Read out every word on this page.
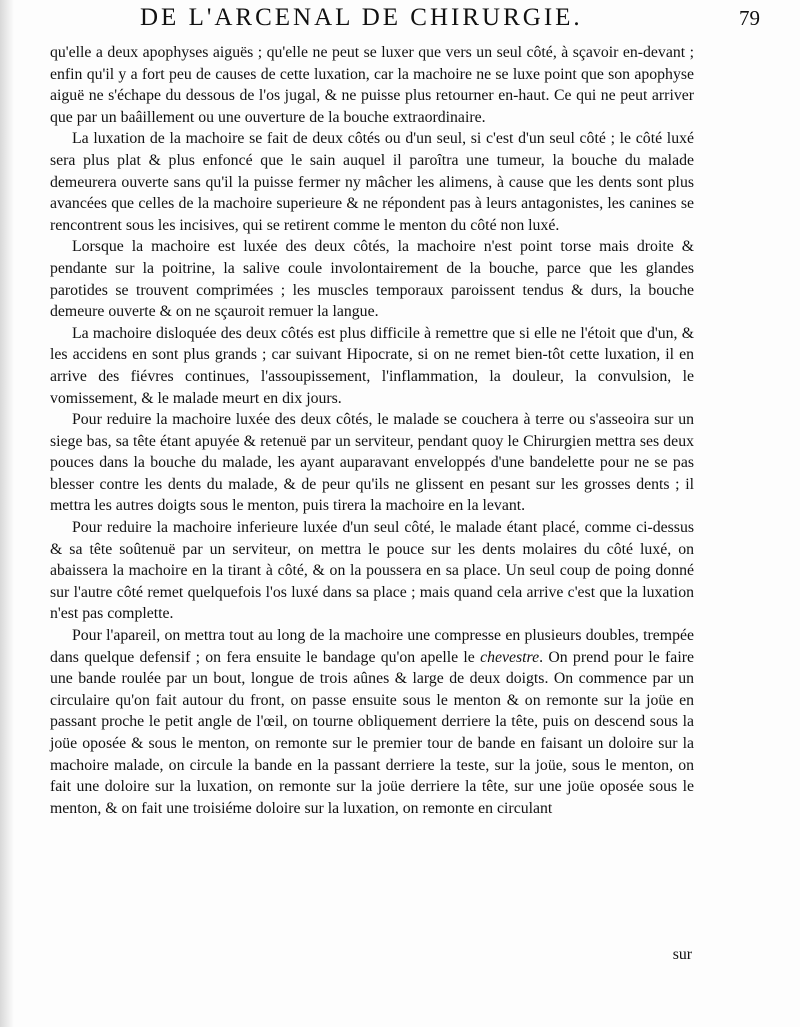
DE L'ARCENAL DE CHIRURGIE.	79

qu'elle a deux apophyses aiguës ; qu'elle ne peut se luxer que vers un seul côté, à sçavoir en-devant ; enfin qu'il y a fort peu de causes de cette luxation, car la machoire ne se luxe point que son apophyse aiguë ne s'échape du dessous de l'os jugal, & ne puisse plus retourner en-haut. Ce qui ne peut arriver que par un baâillement ou une ouverture de la bouche extraordinaire.

La luxation de la machoire se fait de deux côtés ou d'un seul, si c'est d'un seul côté ; le côté luxé sera plus plat & plus enfoncé que le sain auquel il paroîtra une tumeur, la bouche du malade demeurera ouverte sans qu'il la puisse fermer ny mâcher les alimens, à cause que les dents sont plus avancées que celles de la machoire superieure & ne répondent pas à leurs antagonistes, les canines se rencontrent sous les incisives, qui se retirent comme le menton du côté non luxé.

Lorsque la machoire est luxée des deux côtés, la machoire n'est point torse mais droite & pendante sur la poitrine, la salive coule involontairement de la bouche, parce que les glandes parotides se trouvent comprimées ; les muscles temporaux paroissent tendus & durs, la bouche demeure ouverte & on ne sçauroit remuer la langue.

La machoire disloquée des deux côtés est plus difficile à remettre que si elle ne l'étoit que d'un, & les accidens en sont plus grands ; car suivant Hipocrate, si on ne remet bien-tôt cette luxation, il en arrive des fiévres continues, l'assoupissement, l'inflammation, la douleur, la convulsion, le vomissement, & le malade meurt en dix jours.

Pour reduire la machoire luxée des deux côtés, le malade se couchera à terre ou s'asseoira sur un siege bas, sa tête étant apuyée & retenuë par un serviteur, pendant quoy le Chirurgien mettra ses deux pouces dans la bouche du malade, les ayant auparavant enveloppés d'une bandelette pour ne se pas blesser contre les dents du malade, & de peur qu'ils ne glissent en pesant sur les grosses dents ; il mettra les autres doigts sous le menton, puis tirera la machoire en la levant.

Pour reduire la machoire inferieure luxée d'un seul côté, le malade étant placé, comme ci-dessus & sa tête soûtenuë par un serviteur, on mettra le pouce sur les dents molaires du côté luxé, on abaissera la machoire en la tirant à côté, & on la poussera en sa place. Un seul coup de poing donné sur l'autre côté remet quelquefois l'os luxé dans sa place ; mais quand cela arrive c'est que la luxation n'est pas complette.

Pour l'apareil, on mettra tout au long de la machoire une compresse en plusieurs doubles, trempée dans quelque defensif ; on fera ensuite le bandage qu'on apelle le chevestre. On prend pour le faire une bande roulée par un bout, longue de trois aûnes & large de deux doigts. On commence par un circulaire qu'on fait autour du front, on passe ensuite sous le menton & on remonte sur la joüe en passant proche le petit angle de l'œil, on tourne obliquement derriere la tête, puis on descend sous la joüe oposée & sous le menton, on remonte sur le premier tour de bande en faisant un doloire sur la machoire malade, on circule la bande en la passant derriere la teste, sur la joüe, sous le menton, on fait une doloire sur la luxation, on remonte sur la joüe derriere la tête, sur une joüe oposée sous le menton, & on fait une troisiéme doloire sur la luxation, on remonte en circulant

sur
